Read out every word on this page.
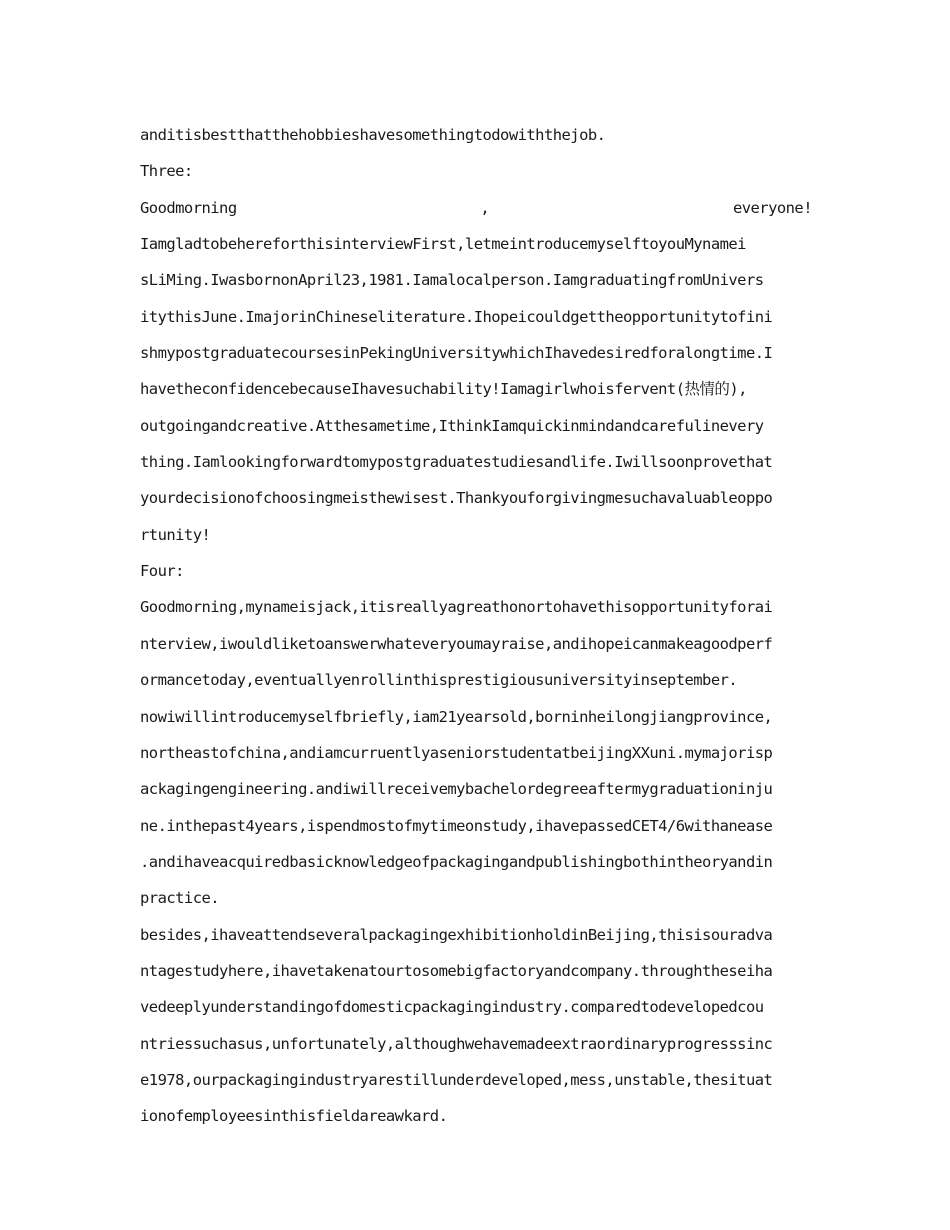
anditisbestthatthehobbieshavesomethingtodowiththejob.
Three:
Goodmorning	,	everyone!
IamgladtobehereforthisinterviewFirst,letmeintroducemyselftoyouMynamei
sLiMing.IwasbornonApril23,1981.Iamalocalperson.IamgraduatingfromUnivers
itythisJune.ImajorinChineseliterature.Ihopeicouldgettheopportunitytofini
shmypostgraduatecoursesinPekingUniversitywhichIhavedesiredforalongtime.I
havetheconfidencebecauseIhavesuchability!Iamagirlwhoisfervent(热情的),
outgoingandcreative.Atthesametime,IthinkIamquickinmindandcarefulinevery
thing.Iamlookingforwardtomypostgraduatestudiesandlife.Iwillsoonprovethat
yourdecisionofchoosingmeisthewisest.Thankyouforgivingmesuchavaluableoppo
rtunity!
Four:
Goodmorning,mynameisjack,itisreallyagreathonortohavethisopportunityforai
nterview,iwouldliketoanswerwhateveryoumayraise,andihopeicanmakeagoodperf
ormancetoday,eventuallyenrollinthisprestigiousuniversityinseptember.
nowiwillintroducemyselfbriefly,iam21yearsold,borninheilongjiangprovince,
northeastofchina,andiamcurruentlyaseniorstudentatbeijingXXuni.mymajorisp
ackagingengineering.andiwillreceivemybachelordegreeaftermygraduationinju
ne.inthepast4years,ispendmostofmytimeonstudy,ihavepassedCET4/6withanease
.andihaveacquiredbasicknowledgeofpackagingandpublishingbothintheoryandin
practice.
besides,ihaveattendseveralpackagingexhibitionholdinBeijing,thisisouradva
ntagestudyhere,ihavetakenatourtosomebigfactoryandcompany.throughtheseiha
vedeeplyunderstandingofdomesticpackagingindustry.comparedtodevelopedcou
ntriessuchasus,unfortunately,althoughwehavemadeextraordinaryprogresssinc
e1978,ourpackagingindustryarestillunderdeveloped,mess,unstable,thesituat
ionofemployeesinthisfieldareawkard.
